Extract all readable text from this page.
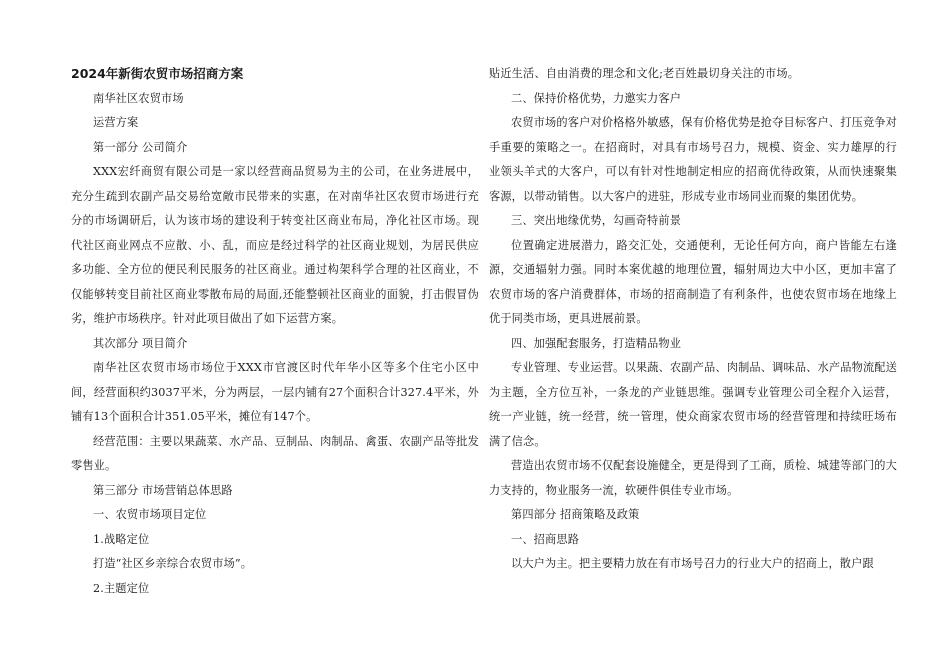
2024年新街农贸市场招商方案

南华社区农贸市场

运营方案

第一部分 公司简介

XXX宏纤商贸有限公司是一家以经营商品贸易为主的公司，在业务进展中，充分生疏到农副产品交易给宽敞市民带来的实惠，在对南华社区农贸市场进行充分的市场调研后，认为该市场的建设利于转变社区商业布局，净化社区市场。现代社区商业网点不应散、小、乱，而应是经过科学的社区商业规划，为居民供应多功能、全方位的便民利民服务的社区商业。通过构架科学合理的社区商业，不仅能够转变目前社区商业零散布局的局面,还能整顿社区商业的面貌，打击假冒伪劣，维护市场秩序。针对此项目做出了如下运营方案。

其次部分 项目简介

南华社区农贸市场市场位于XXX市官渡区时代年华小区等多个住宅小区中间，经营面积约3037平米，分为两层，一层内铺有27个面积合计327.4平米，外铺有13个面积合计351.05平米，摊位有147个。

经营范围：主要以果蔬菜、水产品、豆制品、肉制品、禽蛋、农副产品等批发零售业。

第三部分 市场营销总体思路

一、农贸市场项目定位

1.战略定位

打造“社区乡亲综合农贸市场”。

2.主题定位

贴近生活、自由消费的理念和文化;老百姓最切身关注的市场。

二、保持价格优势，力邀实力客户

农贸市场的客户对价格格外敏感，保有价格优势是抢夺目标客户、打压竞争对手重要的策略之一。在招商时，对具有市场号召力，规模、资金、实力雄厚的行业领头羊式的大客户，可以有针对性地制定相应的招商优待政策，从而快速聚集客源，以带动销售。以大客户的进驻，形成专业市场同业而聚的集团优势。

三、突出地缘优势，勾画奇特前景

位置确定进展潜力，路交汇处，交通便利，无论任何方向，商户皆能左右逢源，交通辐射力强。同时本案优越的地理位置，辐射周边大中小区，更加丰富了农贸市场的客户消费群体，市场的招商制造了有利条件，也使农贸市场在地缘上优于同类市场，更具进展前景。

四、加强配套服务，打造精品物业

专业管理、专业运营。以果蔬、农副产品、肉制品、调味品、水产品物流配送为主题，全方位互补，一条龙的产业链思维。强调专业管理公司全程介入运营，统一产业链，统一经营，统一管理，使众商家农贸市场的经营管理和持续旺场布满了信念。

营造出农贸市场不仅配套设施健全，更是得到了工商，质检、城建等部门的大力支持的，物业服务一流，软硬件俱佳专业市场。

第四部分 招商策略及政策

一、招商思路

以大户为主。把主要精力放在有市场号召力的行业大户的招商上，散户跟
